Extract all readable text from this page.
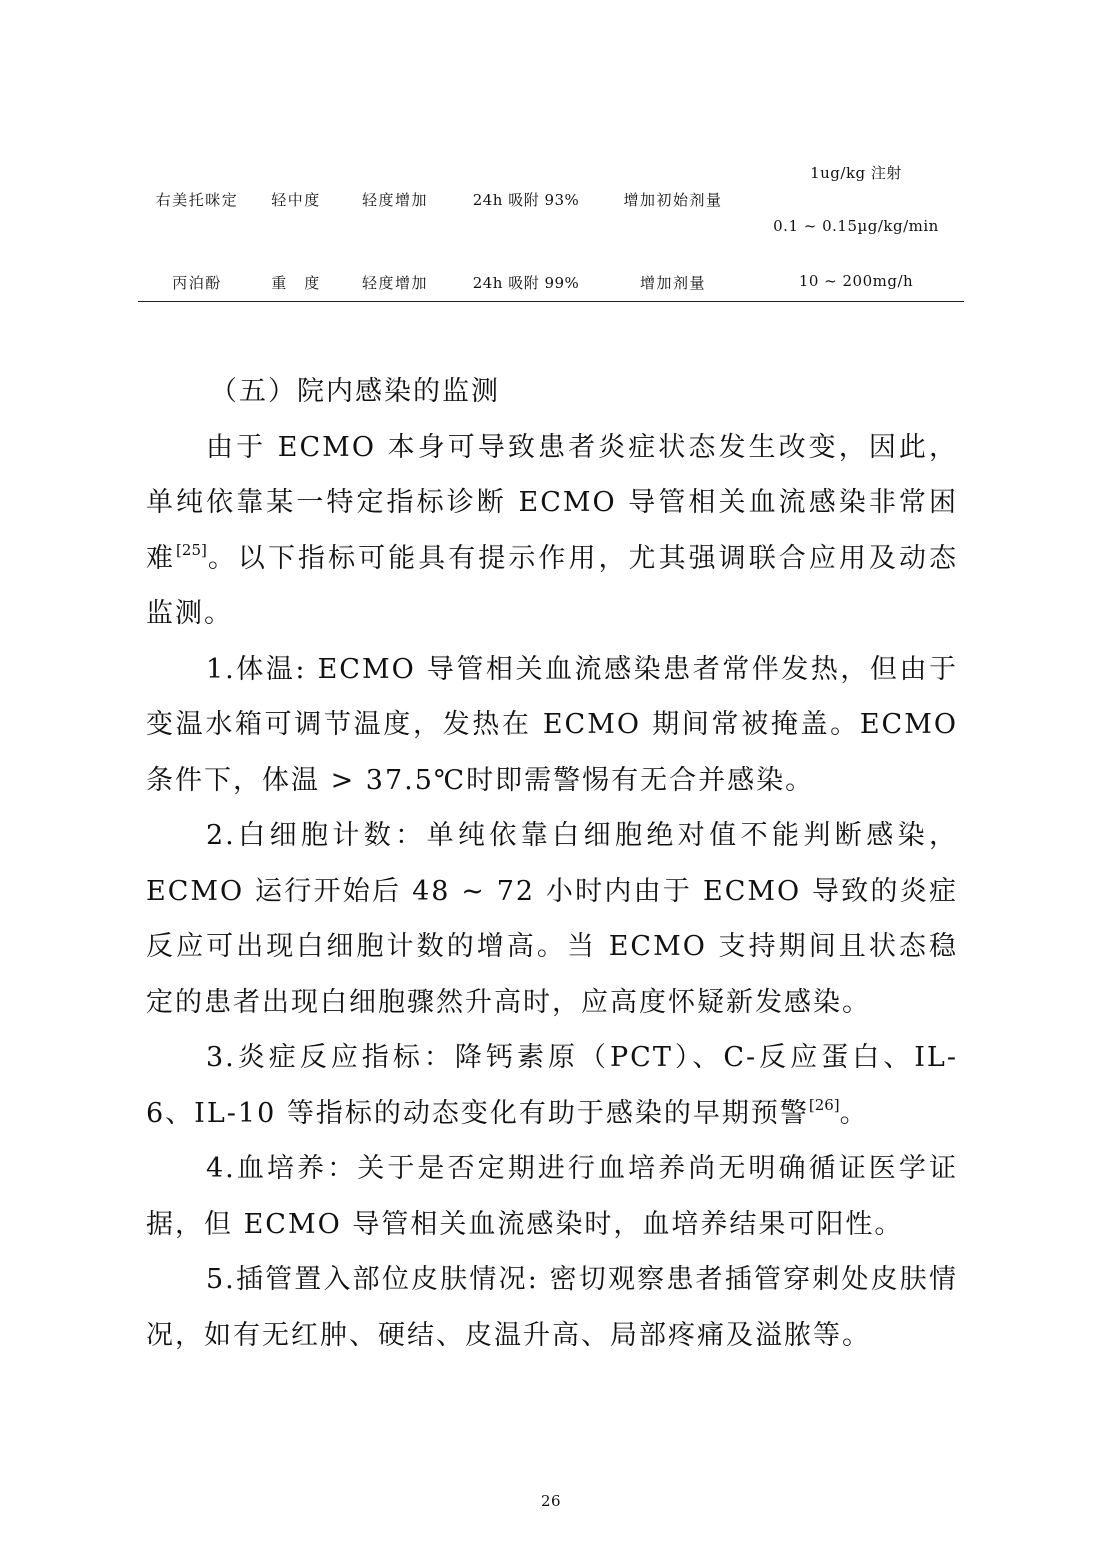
右美托咪定	轻中度	轻度增加	24h 吸附 93%	增加初始剂量
1ug/kg 注射
0.1 ~ 0.15µg/kg/min
丙泊酚	重　度	轻度增加	24h 吸附 99%	增加剂量	10 ~ 200mg/h

（五）院内感染的监测

由于 ECMO 本身可导致患者炎症状态发生改变，因此，单纯依靠某一特定指标诊断 ECMO 导管相关血流感染非常困难[25]。以下指标可能具有提示作用，尤其强调联合应用及动态监测。

1.体温: ECMO 导管相关血流感染患者常伴发热，但由于变温水箱可调节温度，发热在 ECMO 期间常被掩盖。ECMO 条件下，体温 > 37.5℃时即需警惕有无合并感染。

2.白细胞计数：单纯依靠白细胞绝对值不能判断感染，ECMO 运行开始后 48 ~ 72 小时内由于 ECMO 导致的炎症反应可出现白细胞计数的增高。当 ECMO 支持期间且状态稳定的患者出现白细胞骤然升高时，应高度怀疑新发感染。

3.炎症反应指标：降钙素原（PCT）、C-反应蛋白、IL-6、IL-10 等指标的动态变化有助于感染的早期预警[26]。

4.血培养：关于是否定期进行血培养尚无明确循证医学证据，但 ECMO 导管相关血流感染时，血培养结果可阳性。

5.插管置入部位皮肤情况: 密切观察患者插管穿刺处皮肤情况，如有无红肿、硬结、皮温升高、局部疼痛及溢脓等。

26
